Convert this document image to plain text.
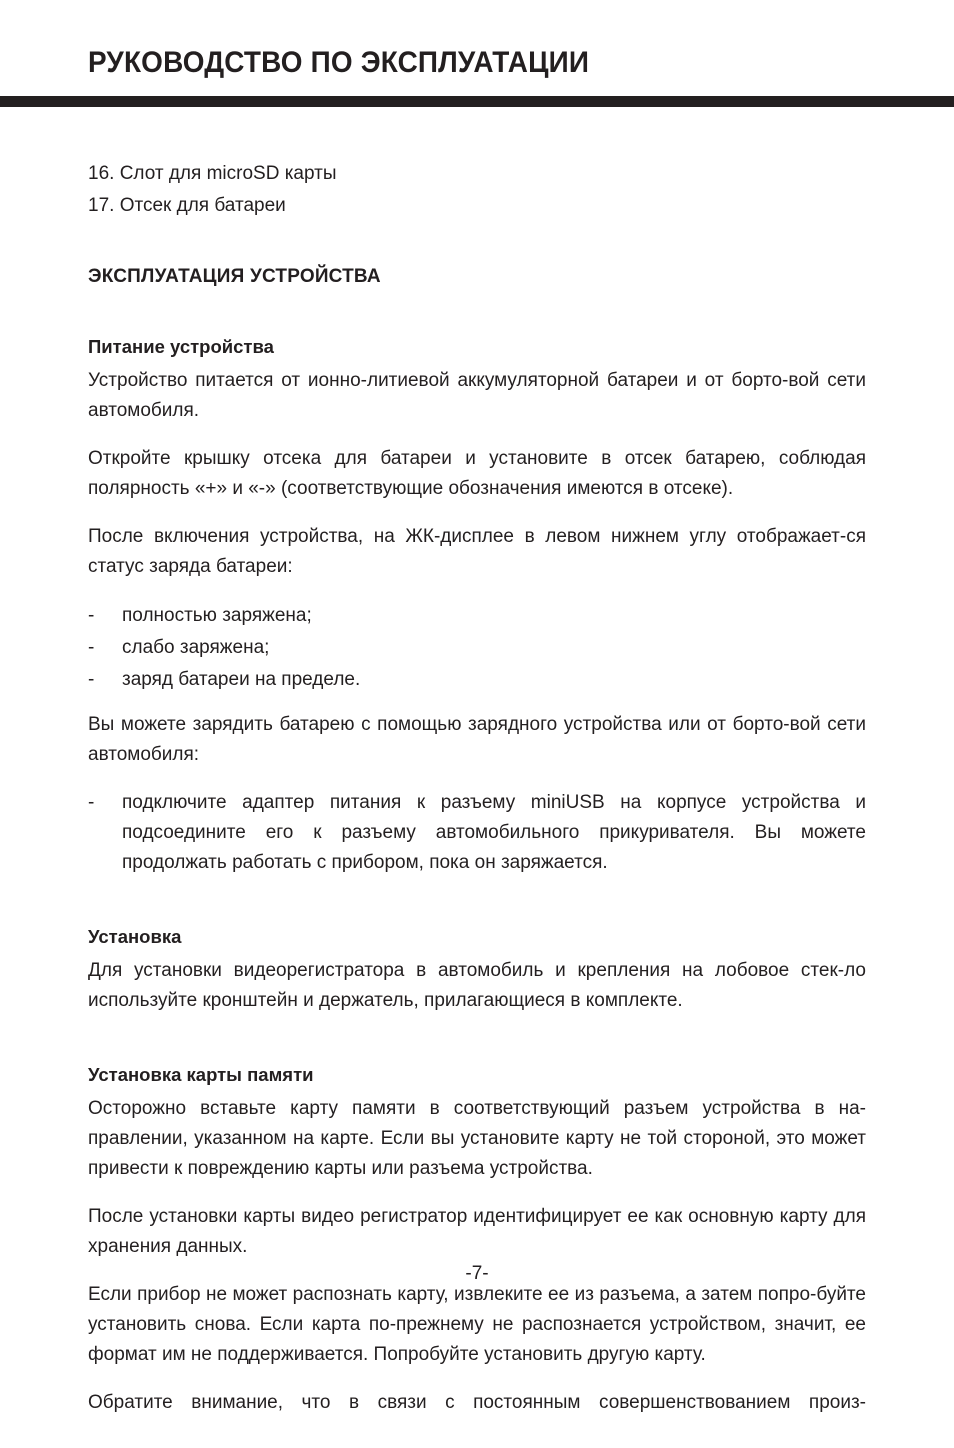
РУКОВОДСТВО ПО ЭКСПЛУАТАЦИИ
16. Слот для microSD карты
17. Отсек для батареи
ЭКСПЛУАТАЦИЯ УСТРОЙСТВА
Питание устройства

Устройство питается от ионно-литиевой аккумуляторной батареи и от борто-вой сети автомобиля.

Откройте крышку отсека для батареи и установите в отсек батарею, соблюдая полярность «+» и «-» (соответствующие обозначения имеются в отсеке).

После включения устройства, на ЖК-дисплее в левом нижнем углу отображает-ся статус заряда батареи:

- полностью заряжена;
- слабо заряжена;
- заряд батареи на пределе.

Вы можете зарядить батарею с помощью зарядного устройства или от борто-вой сети автомобиля:

- подключите адаптер питания к разъему miniUSB на корпусе устройства и подсоедините его к разъему автомобильного прикуривателя. Вы можете продолжать работать с прибором, пока он заряжается.
Установка

Для установки видеорегистратора в автомобиль и крепления на лобовое стек-ло используйте кронштейн и держатель, прилагающиеся в комплекте.

Установка карты памяти

Осторожно вставьте карту памяти в соответствующий разъем устройства в на-правлении, указанном на карте. Если вы установите карту не той стороной, это может привести к повреждению карты или разъема устройства.

После установки карты видео регистратор идентифицирует ее как основную карту для хранения данных.

Если прибор не может распознать карту, извлеките ее из разъема, а затем попро-буйте установить снова. Если карта по-прежнему не распознается устройством, значит, ее формат им не поддерживается. Попробуйте установить другую карту.

Обратите внимание, что в связи с постоянным совершенствованием произ-

-7-
